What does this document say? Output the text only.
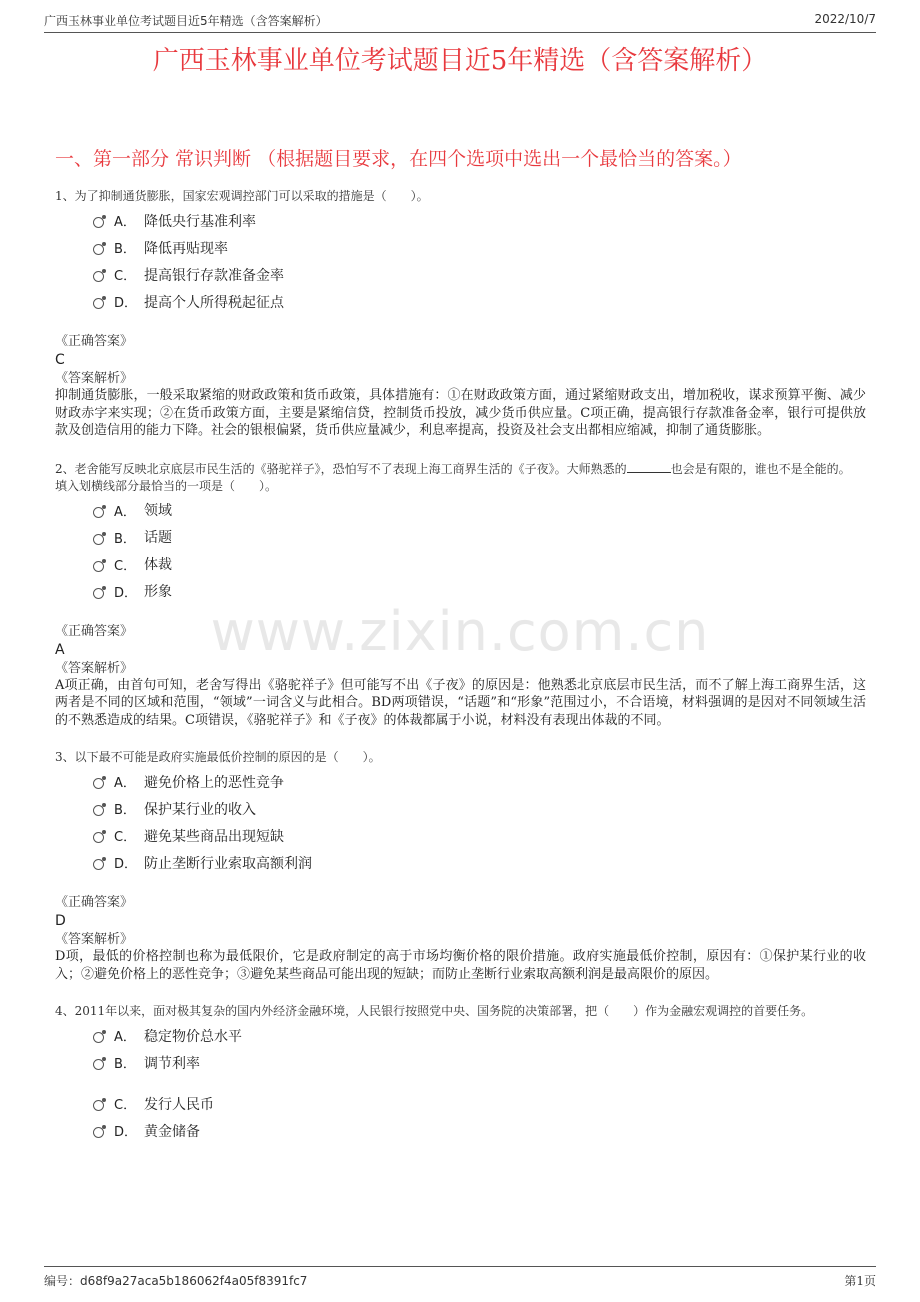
广西玉林事业单位考试题目近5年精选（含答案解析）	2022/10/7
广西玉林事业单位考试题目近5年精选（含答案解析）
一、第一部分 常识判断 （根据题目要求，在四个选项中选出一个最恰当的答案。）
www.zixin.com.cn
1、为了抑制通货膨胀，国家宏观调控部门可以采取的措施是（　　）。
A． 降低央行基准利率
B． 降低再贴现率
C． 提高银行存款准备金率
D． 提高个人所得税起征点
《正确答案》
C
《答案解析》
抑制通货膨胀，一般采取紧缩的财政政策和货币政策，具体措施有：①在财政政策方面，通过紧缩财政支出，增加税收，谋求预算平衡、减少财政赤字来实现；②在货币政策方面，主要是紧缩信贷，控制货币投放，减少货币供应量。C项正确，提高银行存款准备金率，银行可提供放款及创造信用的能力下降。社会的银根偏紧，货币供应量减少，利息率提高，投资及社会支出都相应缩减，抑制了通货膨胀。
2、老舍能写反映北京底层市民生活的《骆驼祥子》，恐怕写不了表现上海工商界生活的《子夜》。大师熟悉的	也会是有限的，谁也不是全能的。
填入划横线部分最恰当的一项是（　　）。
A． 领域
B． 话题
C． 体裁
D． 形象
《正确答案》
A
《答案解析》
A项正确，由首句可知，老舍写得出《骆驼祥子》但可能写不出《子夜》的原因是：他熟悉北京底层市民生活，而不了解上海工商界生活，这两者是不同的区域和范围，“领域”一词含义与此相合。BD两项错误，“话题”和“形象”范围过小，不合语境，材料强调的是因对不同领域生活的不熟悉造成的结果。C项错误，《骆驼祥子》和《子夜》的体裁都属于小说，材料没有表现出体裁的不同。
3、以下最不可能是政府实施最低价控制的原因的是（　　）。
A． 避免价格上的恶性竞争
B． 保护某行业的收入
C． 避免某些商品出现短缺
D． 防止垄断行业索取高额利润
《正确答案》
D
《答案解析》
D项，最低的价格控制也称为最低限价，它是政府制定的高于市场均衡价格的限价措施。政府实施最低价控制，原因有：①保护某行业的收入；②避免价格上的恶性竞争；③避免某些商品可能出现的短缺；而防止垄断行业索取高额利润是最高限价的原因。
4、2011年以来，面对极其复杂的国内外经济金融环境，人民银行按照党中央、国务院的决策部署，把（　　）作为金融宏观调控的首要任务。
A． 稳定物价总水平
B． 调节利率
C． 发行人民币
D． 黄金储备
编号：d68f9a27aca5b186062f4a05f8391fc7	第1页
